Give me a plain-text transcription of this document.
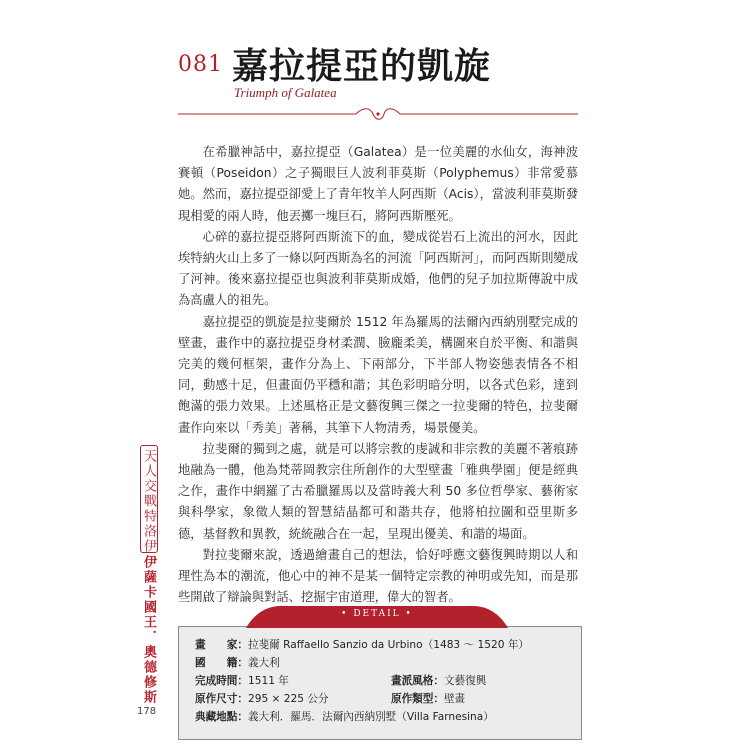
081 嘉拉提亞的凱旋
Triumph of Galatea

在希臘神話中，嘉拉提亞（Galatea）是一位美麗的水仙女，海神波賽頓（Poseidon）之子獨眼巨人波利菲莫斯（Polyphemus）非常愛慕她。然而，嘉拉提亞卻愛上了青年牧羊人阿西斯（Acis），當波利菲莫斯發現相愛的兩人時，他丟擲一塊巨石，將阿西斯壓死。

心碎的嘉拉提亞將阿西斯流下的血，變成從岩石上流出的河水，因此埃特納火山上多了一條以阿西斯為名的河流「阿西斯河」，而阿西斯則變成了河神。後來嘉拉提亞也與波利菲莫斯成婚，他們的兒子加拉斯傳說中成為高盧人的祖先。

嘉拉提亞的凱旋是拉斐爾於 1512 年為羅馬的法爾內西納別墅完成的壁畫，畫作中的嘉拉提亞身材柔潤、臉龐柔美，構圖來自於平衡、和諧與完美的幾何框架，畫作分為上、下兩部分，下半部人物姿態表情各不相同，動感十足，但畫面仍平穩和諧；其色彩明暗分明，以各式色彩，達到飽滿的張力效果。上述風格正是文藝復興三傑之一拉斐爾的特色，拉斐爾畫作向來以「秀美」著稱，其筆下人物清秀，場景優美。

拉斐爾的獨到之處，就是可以將宗教的虔誠和非宗教的美麗不著痕跡地融為一體，他為梵蒂岡教宗住所創作的大型壁畫「雅典學園」便是經典之作，畫作中網羅了古希臘羅馬以及當時義大利 50 多位哲學家、藝術家與科學家，象徵人類的智慧結晶都可和諧共存，他將柏拉圖和亞里斯多德，基督教和異教，統統融合在一起，呈現出優美、和諧的場面。

對拉斐爾來說，透過繪畫自己的想法，恰好呼應文藝復興時期以人和理性為本的潮流，他心中的神不是某一個特定宗教的神明或先知，而是那些開啟了辯論與對話、挖掘宇宙道理，偉大的智者。

天人交戰特洛伊
伊薩卡國王．奧德修斯
178
畫　　家：拉斐爾 Raffaello Sanzio da Urbino（1483 ～ 1520 年）
國　　籍：義大利
完成時間：1511 年	畫派風格：文藝復興
原作尺寸：295 × 225 公分	原作類型：壁畫
典藏地點：義大利．羅馬．法爾內西納別墅（Villa Farnesina）
• DETAIL •
